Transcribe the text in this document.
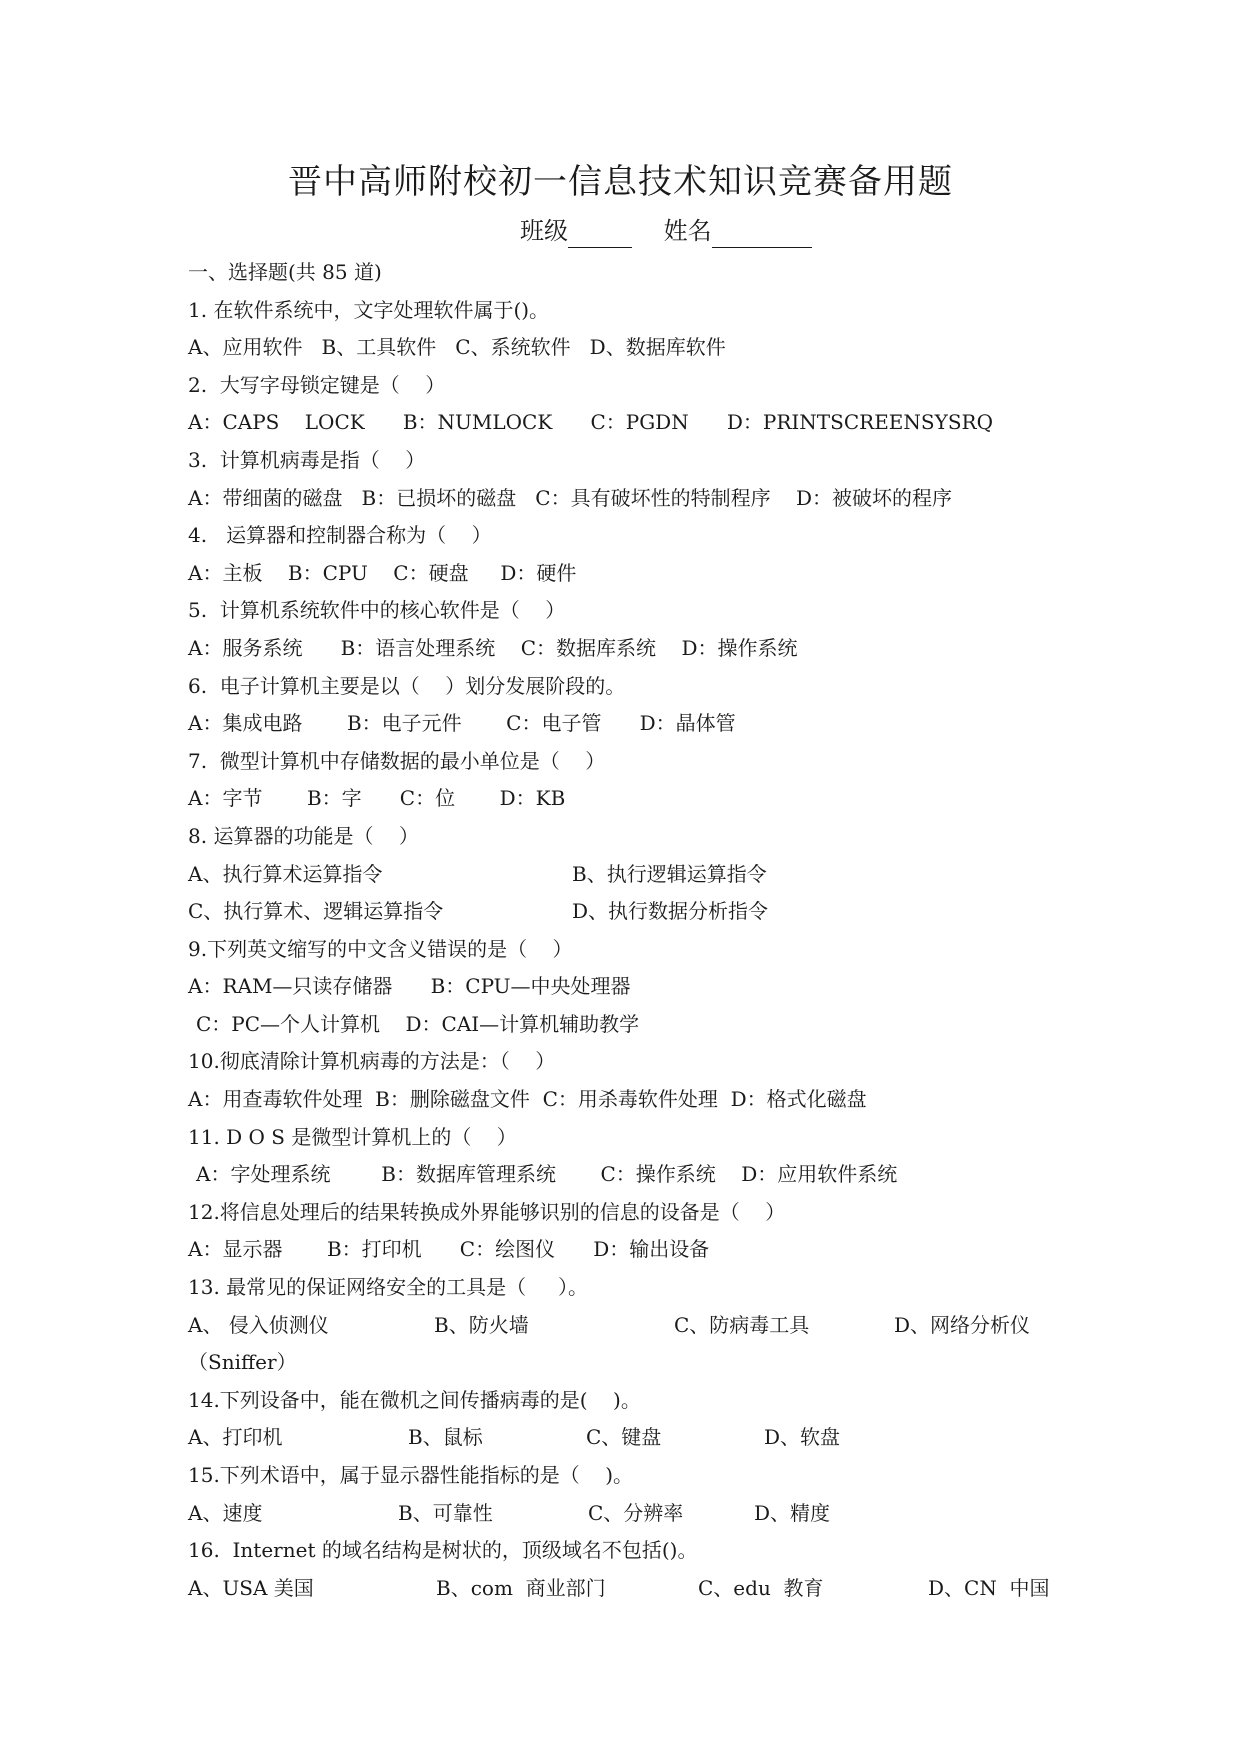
晋中高师附校初一信息技术知识竞赛备用题
班级	姓名
一、选择题(共 85 道)
1. 在软件系统中，文字处理软件属于()。
A、应用软件   B、工具软件   C、系统软件   D、数据库软件
2.  大写字母锁定键是（    ）
A：CAPS    LOCK      B：NUMLOCK      C：PGDN      D：PRINTSCREENSYSRQ
3.  计算机病毒是指（    ）
A：带细菌的磁盘   B：已损坏的磁盘   C：具有破坏性的特制程序    D：被破坏的程序
4.   运算器和控制器合称为（    ）
A：主板    B：CPU    C：硬盘     D：硬件
5.  计算机系统软件中的核心软件是（    ）
A：服务系统      B：语言处理系统    C：数据库系统    D：操作系统
6.  电子计算机主要是以（    ）划分发展阶段的。
A：集成电路       B：电子元件       C：电子管      D：晶体管
7.  微型计算机中存储数据的最小单位是（    ）
A：字节       B：字      C：位       D：KB
8. 运算器的功能是（    ）
A、执行算术运算指令	B、执行逻辑运算指令
C、执行算术、逻辑运算指令	D、执行数据分析指令
9.下列英文缩写的中文含义错误的是（    ）
A：RAM—只读存储器      B：CPU—中央处理器
C：PC—个人计算机    D：CAI—计算机辅助教学
10.彻底清除计算机病毒的方法是：（    ）
A：用查毒软件处理  B：删除磁盘文件  C：用杀毒软件处理  D：格式化磁盘
11. D O S 是微型计算机上的（    ）
A：字处理系统        B：数据库管理系统       C：操作系统    D：应用软件系统
12.将信息处理后的结果转换成外界能够识别的信息的设备是（    ）
A：显示器       B：打印机      C：绘图仪      D：输出设备
13. 最常见的保证网络安全的工具是（     ）。
A、 侵入侦测仪	B、防火墙	C、防病毒工具	D、网络分析仪
（Sniffer）
14.下列设备中，能在微机之间传播病毒的是(    )。
A、打印机	B、鼠标	C、键盘	D、软盘
15.下列术语中，属于显示器性能指标的是（    )。
A、速度	B、可靠性	C、分辨率	D、精度
16.  Internet 的域名结构是树状的，顶级域名不包括()。
A、USA 美国	B、com  商业部门	C、edu  教育	D、CN  中国
